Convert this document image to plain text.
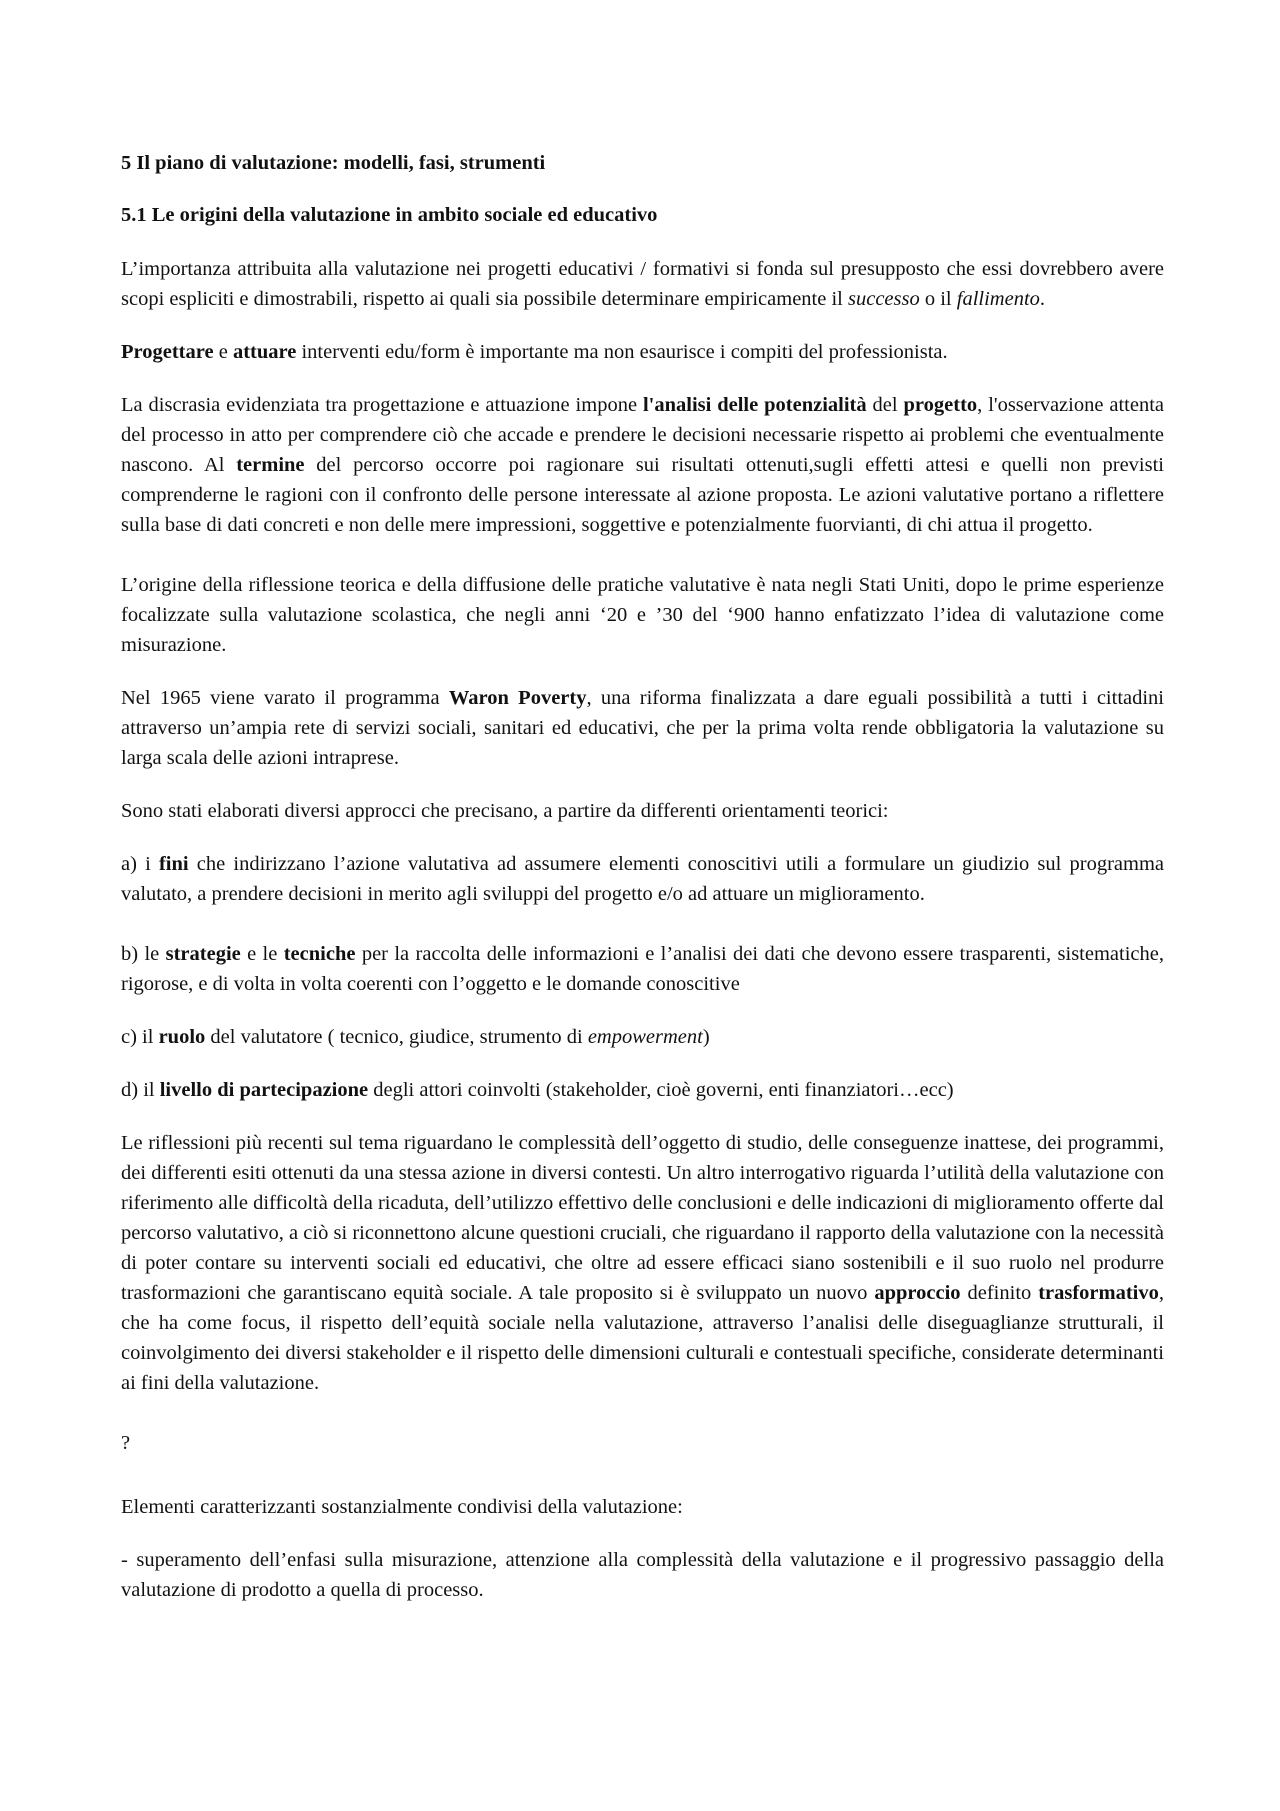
5 Il piano di valutazione: modelli, fasi, strumenti

5.1 Le origini della valutazione in ambito sociale ed educativo

L’importanza attribuita alla valutazione nei progetti educativi / formativi si fonda sul presupposto che essi dovrebbero avere scopi espliciti e dimostrabili, rispetto ai quali sia possibile determinare empiricamente il successo o il fallimento.

Progettare e attuare interventi edu/form è importante ma non esaurisce i compiti del professionista.

La discrasia evidenziata tra progettazione e attuazione impone l'analisi delle potenzialità del progetto, l'osservazione attenta del processo in atto per comprendere ciò che accade e prendere le decisioni necessarie rispetto ai problemi che eventualmente nascono. Al termine del percorso occorre poi ragionare sui risultati ottenuti,sugli effetti attesi e quelli non previsti comprenderne le ragioni con il confronto delle persone interessate al azione proposta. Le azioni valutative portano a riflettere sulla base di dati concreti e non delle mere impressioni, soggettive e potenzialmente fuorvianti, di chi attua il progetto.

L’origine della riflessione teorica e della diffusione delle pratiche valutative è nata negli Stati Uniti, dopo le prime esperienze focalizzate sulla valutazione scolastica, che negli anni ‘20 e ’30 del ‘900 hanno enfatizzato l’idea di valutazione come misurazione.

Nel 1965 viene varato il programma Waron Poverty, una riforma finalizzata a dare eguali possibilità a tutti i cittadini attraverso un’ampia rete di servizi sociali, sanitari ed educativi, che per la prima volta rende obbligatoria la valutazione su larga scala delle azioni intraprese.

Sono stati elaborati diversi approcci che precisano, a partire da differenti orientamenti teorici:

a) i fini che indirizzano l’azione valutativa ad assumere elementi conoscitivi utili a formulare un giudizio sul programma valutato, a prendere decisioni in merito agli sviluppi del progetto e/o ad attuare un miglioramento.

b) le strategie e le tecniche per la raccolta delle informazioni e l’analisi dei dati che devono essere trasparenti, sistematiche, rigorose, e di volta in volta coerenti con l’oggetto e le domande conoscitive

c) il ruolo del valutatore ( tecnico, giudice, strumento di empowerment)

d) il livello di partecipazione degli attori coinvolti (stakeholder, cioè governi, enti finanziatori…ecc)

Le riflessioni più recenti sul tema riguardano le complessità dell’oggetto di studio, delle conseguenze inattese, dei programmi, dei differenti esiti ottenuti da una stessa azione in diversi contesti. Un altro interrogativo riguarda l’utilità della valutazione con riferimento alle difficoltà della ricaduta, dell’utilizzo effettivo delle conclusioni e delle indicazioni di miglioramento offerte dal percorso valutativo, a ciò si riconnettono alcune questioni cruciali, che riguardano il rapporto della valutazione con la necessità di poter contare su interventi sociali ed educativi, che oltre ad essere efficaci siano sostenibili e il suo ruolo nel produrre trasformazioni che garantiscano equità sociale. A tale proposito si è sviluppato un nuovo approccio definito trasformativo, che ha come focus, il rispetto dell’equità sociale nella valutazione, attraverso l’analisi delle diseguaglianze strutturali, il coinvolgimento dei diversi stakeholder e il rispetto delle dimensioni culturali e contestuali specifiche, considerate determinanti ai fini della valutazione.

?

Elementi caratterizzanti sostanzialmente condivisi della valutazione:

- superamento dell’enfasi sulla misurazione, attenzione alla complessità della valutazione e il progressivo passaggio della valutazione di prodotto a quella di processo.
